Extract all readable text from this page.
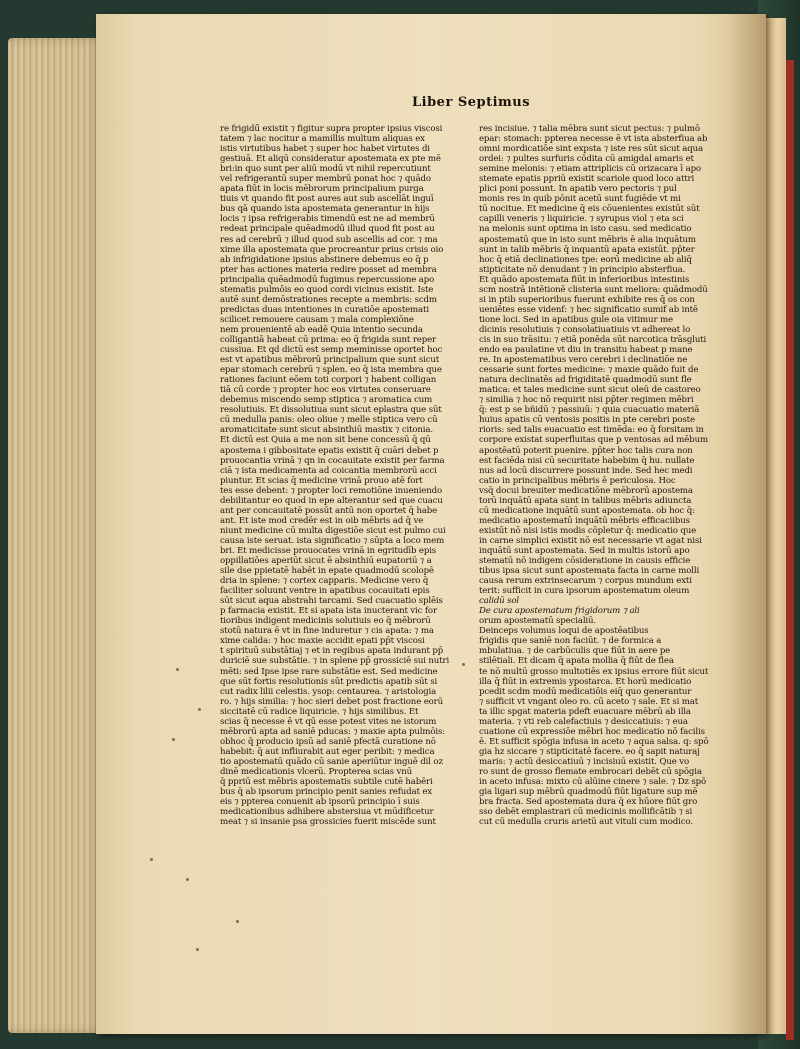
Liber Septimus
re frigidū̄ existit ⁊ figitur supra propter ipsius viscosi
tatem ⁊ lac nocitur a mamillis multum aliquas ex
istis virtutibus habet ⁊ super hoc habet virtutes di
gestiuā. Et aliqū consideratur apostemata ex pte mē
bri:in quo sunt per aliū modū vt nihil repercutiunt
vel refrigerantū super membrū ponat hoc ⁊ quādo
apata fiūt in locis mēbrorum principalium purga
tiuis vt quando fit post aures aut sub ascellāt inguī
bus qā quando ista apostemata generantur in hijs
locis ⁊ ipsa refrigerabis timendū est ne ad membrū
redeat principale quēadmodū illud quod fit post au
res ad cerebrū ⁊ illud quod sub ascellis ad cor. ⁊ ma
xime illa apostemata que procreantur prius crisis oio
ab infrigidatione ipsius abstinere debemus eo q̄ p
pter has actiones materia redire posset ad membra
principalia quēadmodū fugimus repercussione apo
stematis pulmōis eo quod cordi vicinus existit. Iste
autē sunt demōstrationes recepte a membris: scdm
predictas duas intentiones in curatiōe apostemati
scilicet remouere causam ⁊ mala complexiōne
nem prouenientē ab eadē Quia intentio secunda
colligantiā habeat cū prima: eo q̄ frigida sunt reper
cussiua. Et qd dictū est semp meminisse oportet hoc
est vt apatibus mēbrorū principalium que sunt sicut
epar stomach cerebrū ⁊ splen. eo q̄ ista membra que
rationes faciunt eōem toti corpori ⁊ habent colligan
tiā cū corde ⁊ propter hoc eos virtutes conseruare
debemus miscendo semp stiptica ⁊ aromatica cum
resolutiuis. Et dissolutiua sunt sicut eplastra que sūt
cū medulla panis: oleo oliue ⁊ melle stiptica vero cū
aromaticitate sunt sicut absinthiū mastix ⁊ citonia.
Et dictū est Quia a me non sit bene concessū q̄ qū
apostema i gibbositate epatis existit q̄ cuāri debet p
prouocantia vrinā ⁊ qn in cocauitate existit per farma
ciā ⁊ ista medicamenta ad coicantia membrorū acci
piuntur. Et scias q̄ medicine vrinā prouo atē fort
tes esse debent: ⁊ propter loci remotiōne inueniendo
debilitantur eo quod in epe alterantur sed que cuacu
ant per concauitatē possūt antū non oportet q̄ habe
ant. Et iste mod credēr est in oib mēbris ad q̄ ve
niunt medicine cū multa digestiōe sicut est pulmo cui
causa iste seruat. ista significatio ⁊ sūpta a loco mem
bri. Et medicisse prouocates vrinā in egritudīb epis
oppillatiōes aperiūt sicut ē absinthiū eupatoriū ⁊ a
sile dse ppietatē habēt in epate quadmodū scolopē
dria in splene: ⁊ cortex capparis. Medicine vero q̄
faciliter soluunt ventre in apatibus cocauitati epis
sūt sicut aqua abstrahi tarcami. Sed cuacuatio splēis
p farmacia existit. Et si apata ista inucterant vic for
tioribus indigent medicinis solutiuis eo q̄ mēbrorū
stotū natura ē vt in fine induretur ⁊ cis apata: ⁊ ma
xime calida: ⁊ hoc maxie accidit epati pp̄t viscosi
t spirituū substātiaj ⁊ et in regibus apata indurant pp̄
duriciē sue substātie. ⁊ in splene pp̄ grossiciē sui nutri
mēti: sed Ipse ipse rare substātie est. Sed medicine
que sūt fortis resolutionis sūt predictis apatib sūt si
cut radix lilii celestis. ysop: centaurea. ⁊ aristologia
ro. ⁊ hijs similia: ⁊ hoc sieri debet post fractione eorū
siccitatē cū radice liquiricie. ⁊ hijs similibus. Et
scias q̄ necesse ē vt qū esse potest vites ne istorum
mēbrorū apta ad saniē pducas: ⁊ maxie apta pulmōis:
obhoc q̄ producio ipsū ad saniē pfectā curatione nō
habebit: q̄ aut infliurabit aut eger peribit: ⁊ medica
tio apostematū quādo cū sanie aperiūtur inguē dil oz
dinē medicationis vlcerū. Propterea scias vnū
q̄ ppriū est mēbris apostematis subtile cutē habēri
bus q̄ ab ipsorum principio penit sanies refudat ex
eis ⁊ ppterea conuenit ab ipsorū principio ī suis
medicationibus adhibere abstersiua vt mūdificetur
meat ⁊ si insanie psa grossicies fuerit miscēde sunt
res incisiue. ⁊ talia mēbra sunt sicut pectus: ⁊ pulmō
epar: stomach: ppterea necesse ē vt ista absterfiua ab
omni mordicatiōe sint expsta ⁊ iste res sūt sicut aqua
ordei: ⁊ pultes surfuris cōdita cū amigdal amaris et
semine melonis: ⁊ etiam attriplicis cū orizacara ī apo
stemate epatis ppriū existit scariole quod loco attri
plici poni possunt. In apatib vero pectoris ⁊ pul
monis res in quib pōnit acetū sunt fugiēde vt mi
tū nocitue. Et medicine q̄ eis cōuenientes existūt sūt
capilli veneris ⁊ liquiricie. ⁊ syrupus viol ⁊ eta sci
na melonis sunt optima in isto casu. sed medicatio
apostematū que in isto sunt mēbris ē alia inquātum
sunt in talib mēbris q̄ inquantū apata existūt. pp̄ter
hoc q̄ etiā declinationes tpe: eorū medicine ab aliq̄
stipticitate nō denudant ⁊ in principio absterfiua.
Et quādo apostemata fiūt in inferioribus intestinis
scm nostrā intētionē clisteria sunt meliora: quādmodū
si in ptib superioribus fuerunt exhibite res q̄ os con
ueniētes esse videnf: ⁊ hec significatio sumif ab intē
tione loci. Sed in apatibus gule oia vitimur me
dicinis resolutiuis ⁊ consolatiuatiuis vt adhereat lo
cis in suo trāsitu: ⁊ etiā ponēda sūt narcotica trāsgluti
endo ea paulatine vt diu in transitu habeat p mane
re. In apostematibus vero cerebri i declinatiōe ne
cessarie sunt fortes medicine: ⁊ maxie quādo fuit de
natura declinatēs ad frigiditatē quadmodū sunt fle
matica: et tales medicine sunt sicut oleū de castoreo
⁊ similia ⁊ hoc nō requirit nisi pp̄ter regimen mēbri
q̄: est p se bñidū ⁊ passiuū: ⁊ quia cuacuatio materiā
huius apatis cū ventosis positis in pte cerebri poste
rioris: sed talis euacuatio est timēda: eo q̄ forsitam in
corpore existat superfluitas que p ventosas ad mēbum
apostēatū poterit puenire. pp̄ter hoc talis cura non
est faciēda nisi cū securitate habebim q̄ hu. nullate
nus ad locū discurrere possunt inde. Sed hec medi
catio in principalibus mēbris ē periculosa. Hoc
vsq̄ docui breuiter medicatiōne mēbrorū apostema
torū inquātū apata sunt in talibus mēbris adiuncta
cū medicatione inquātū sunt apostemata. ob hoc q̄:
medicatio apostematū inquātū mēbris efficaciibus
existūt nō nisi istis modis cōpletur q̄: medicatio que
in carne simplici existit nō est necessarie vt agat nisi
inquātū sunt apostemata. Sed in multis istorū apo
stematū nō indigem cōsideratione in causis efficie
tibus ipsa sicut sunt apostemata facta in carne molli
causa rerum extrinsecarum ⁊ corpus mundum exti
terit: sufficit in cura ipsorum apostematum oleum
calidū sol
De cura apostematum frigidorum ⁊ ali
orum apostematū specialiū.
Deinceps volumus loqui de apostēatibus
frigidis que saniē non faciūt. ⁊ de formica a
mbulatiua. ⁊ de carbūculis que fiūt in aere pe
stilētiali. Et dicam q̄ apata mollia q̄ fiūt de flea
te nō multū grosso multotiēs ex ipsius errore fiūt sicut
illa q̄ fiūt in extremis ypostarca. Et horū medicatio
pcedit scdm modū medicatiōis eiq̄ quo generantur
⁊ sufficit vt vngant oleo ro. cū aceto ⁊ sale. Et si mat
ta illic spgat materia pdeft euacuare mēbrū ab illa
materia. ⁊ vti reb calefactiuis ⁊ desiccatiuis: ⁊ eua
cuatione cū expressiōe mēbri hoc medicatio nō facilis
ē. Et sufficit spōgia infusa in aceto ⁊ aqua salsa. q: spō
gia hz siccare ⁊ stipticitatē facere. eo q̄ sapit naturaj
maris: ⁊ actū desiccatiuū ⁊ incisiuū existit. Que vo
ro sunt de grosso flemate embrocari debēt cū spōgia
in aceto infusa: mixto cū alūine cinere ⁊ sale. ⁊ Dz spō
gia ligari sup mēbrū quadmodū fiūt ligature sup mē
bra fracta. Sed apostemata dura q̄ ex hūore fiūt gro
sso debēt emplastrari cū medicinis mollificātib ⁊ si
cut cū medulla cruris arietū aut vituli cum modico.
